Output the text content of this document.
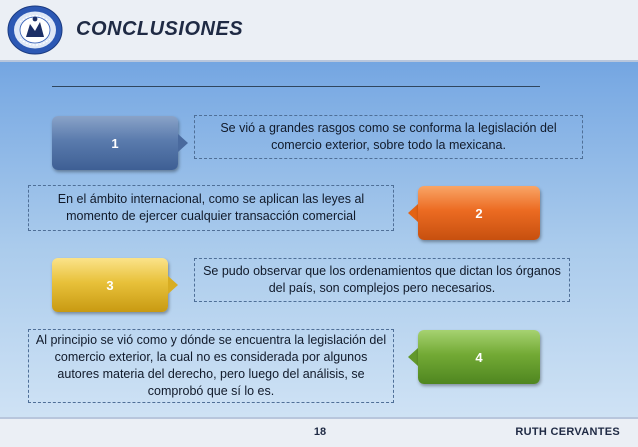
CONCLUSIONES
1
Se vió a grandes rasgos como se conforma la legislación del comercio exterior, sobre todo la mexicana.
En el ámbito internacional, como se aplican las leyes al momento de ejercer cualquier transacción comercial	2
3
Se pudo observar que los ordenamientos que dictan los órganos del país, son complejos pero necesarios.
Al principio se vió como y dónde se encuentra la legislación del comercio exterior, la cual no es considerada por algunos autores materia del derecho, pero luego del análisis, se comprobó que sí lo es.
4
18	RUTH CERVANTES
